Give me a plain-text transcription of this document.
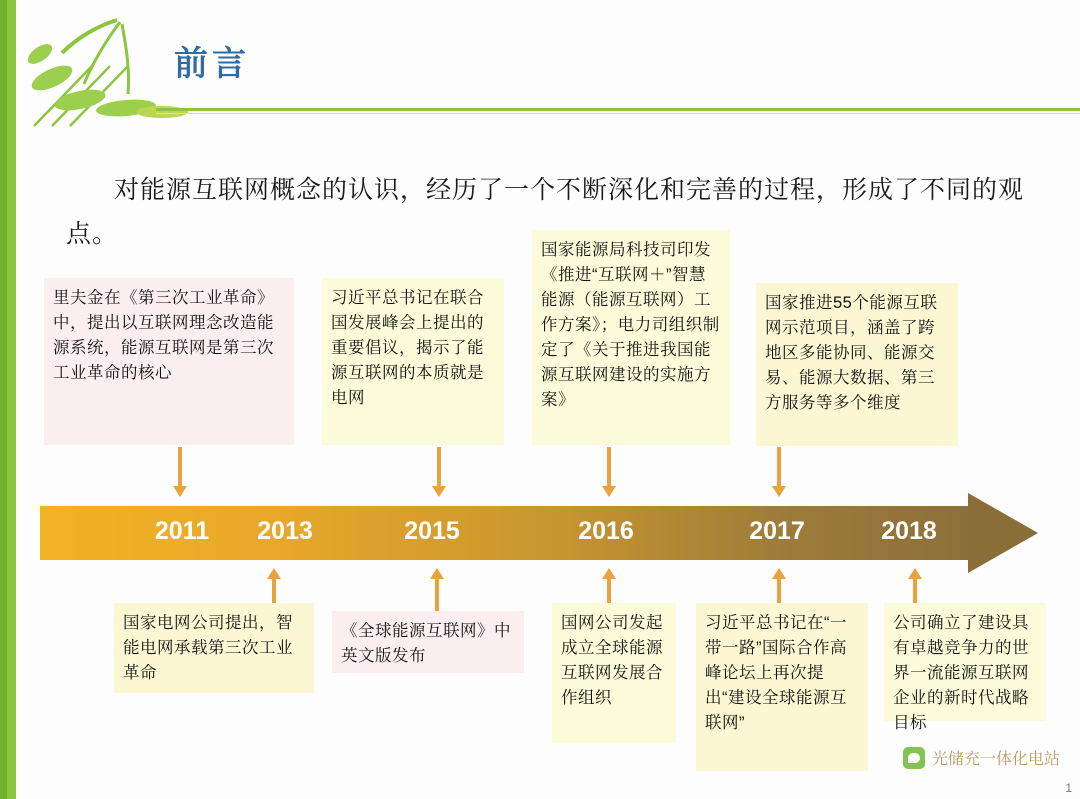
前言
对能源互联网概念的认识，经历了一个不断深化和完善的过程，形成了不同的观点。
里夫金在《第三次工业革命》中，提出以互联网理念改造能源系统，能源互联网是第三次工业革命的核心
习近平总书记在联合国发展峰会上提出的重要倡议，揭示了能源互联网的本质就是电网
国家能源局科技司印发《推进“互联网＋”智慧能源（能源互联网）工作方案》；电力司组织制定了《关于推进我国能源互联网建设的实施方案》
国家推进55个能源互联网示范项目，涵盖了跨地区多能协同、能源交易、能源大数据、第三方服务等多个维度
2011	2013	2015	2016	2017	2018
国家电网公司提出，智能电网承载第三次工业革命
《全球能源互联网》中英文版发布
国网公司发起成立全球能源互联网发展合作组织
习近平总书记在“一带一路”国际合作高峰论坛上再次提出“建设全球能源互联网”
公司确立了建设具有卓越竞争力的世界一流能源互联网企业的新时代战略目标
光储充一体化电站
1
